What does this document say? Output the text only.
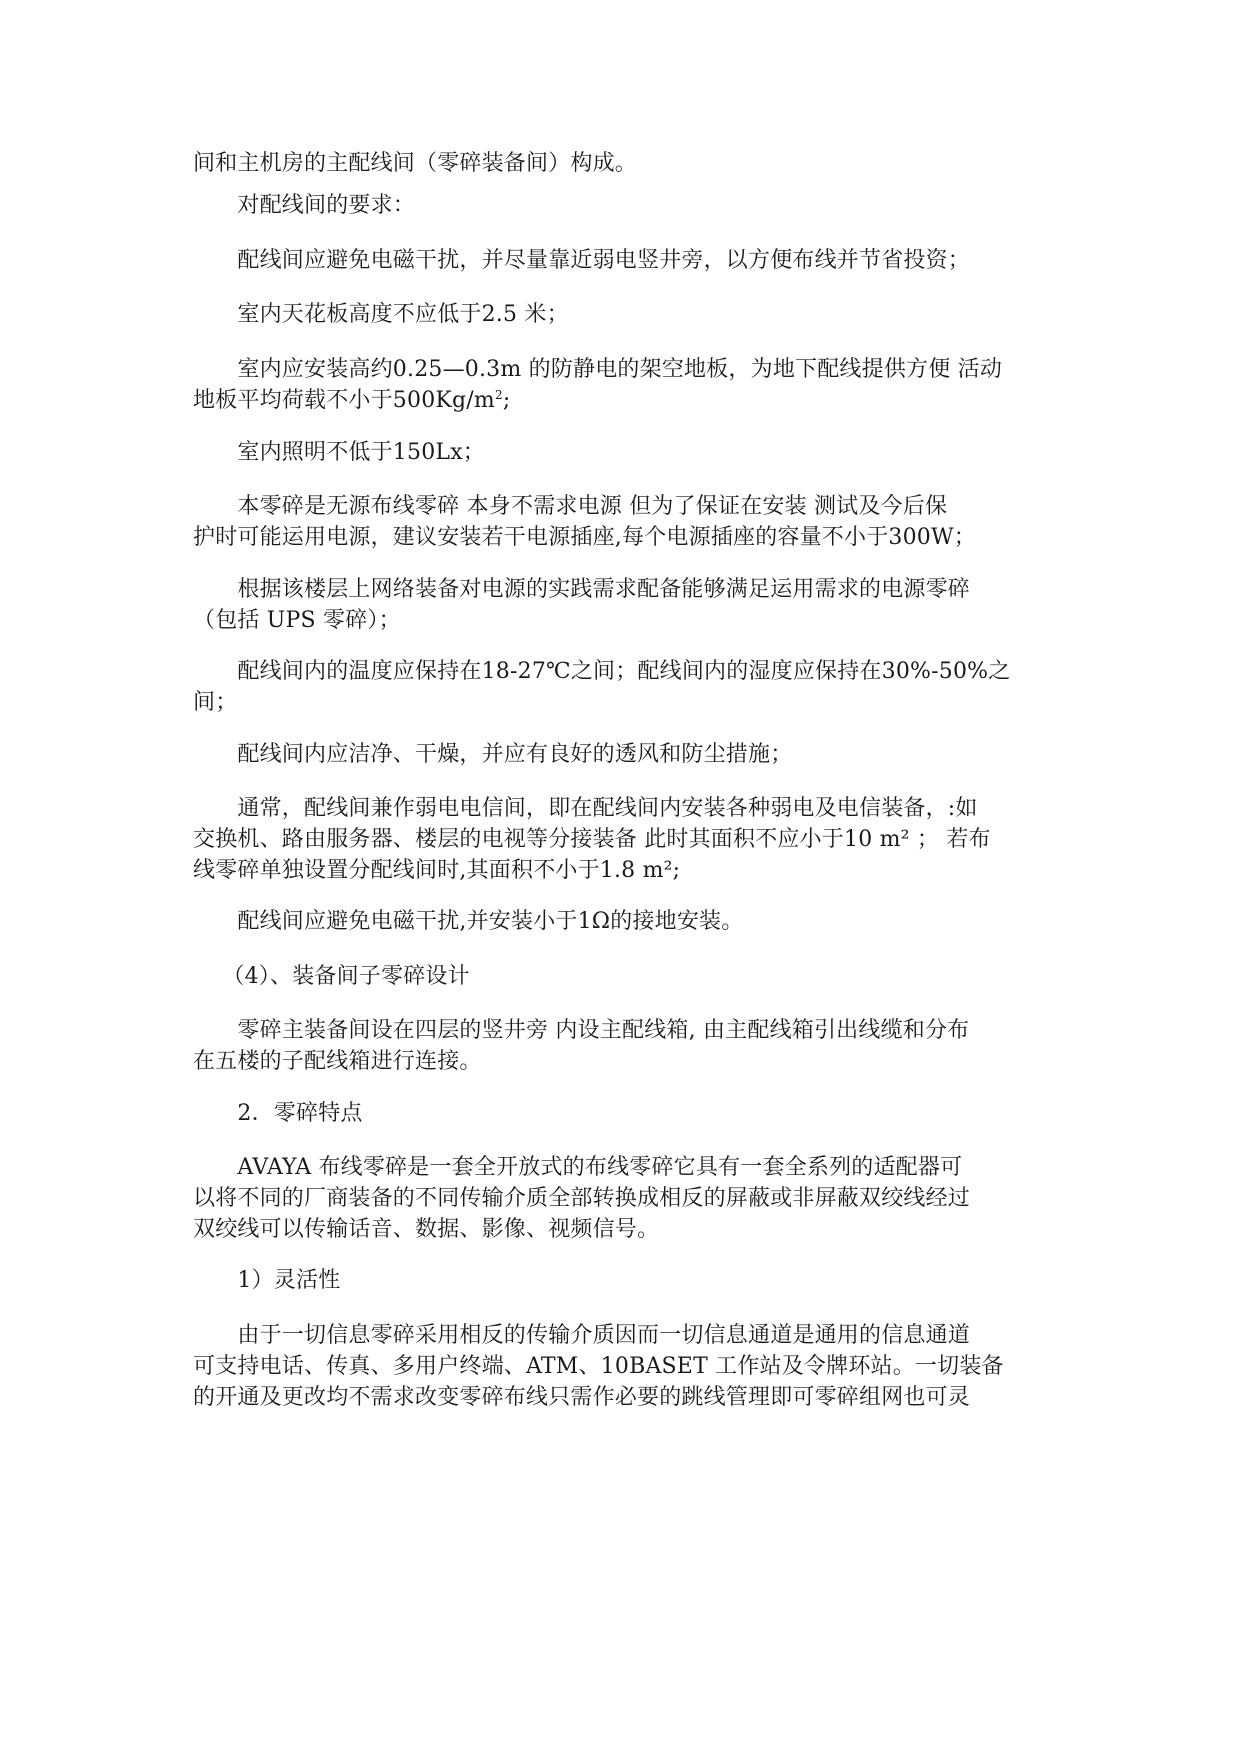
间和主机房的主配线间（零碎装备间）构成。
　　对配线间的要求：
　　配线间应避免电磁干扰，并尽量靠近弱电竖井旁，以方便布线并节省投资；
　　室内天花板高度不应低于2.5 米；
　　室内应安装高约0.25—0.3m 的防静电的架空地板，为地下配线提供方便 活动
地板平均荷载不小于$500Kg/m^2$;
　　室内照明不低于150Lx；
　　本零碎是无源布线零碎 本身不需求电源 但为了保证在安装 测试及今后保
护时可能运用电源，建议安装若干电源插座,每个电源插座的容量不小于300W；
　　根据该楼层上网络装备对电源的实践需求配备能够满足运用需求的电源零碎
（包括 UPS 零碎）；
　　配线间内的温度应保持在18-27℃之间；配线间内的湿度应保持在30%-50%之
间；
　　配线间内应洁净、干燥，并应有良好的透风和防尘措施；
　　通常，配线间兼作弱电电信间，即在配线间内安装各种弱电及电信装备，:如
交换机、路由服务器、楼层的电视等分接装备 此时其面积不应小于10 m² ； 若布
线零碎单独设置分配线间时,其面积不小于1.8 m²;
　　配线间应避免电磁干扰,并安装小于1Ω的接地安装。
　 （4）、装备间子零碎设计
　　零碎主装备间设在四层的竖井旁 内设主配线箱, 由主配线箱引出线缆和分布
在五楼的子配线箱进行连接。
　　2．零碎特点
　　AVAYA 布线零碎是一套全开放式的布线零碎它具有一套全系列的适配器可
以将不同的厂商装备的不同传输介质全部转换成相反的屏蔽或非屏蔽双绞线经过
双绞线可以传输话音、数据、影像、视频信号。
　　1）灵活性
　　由于一切信息零碎采用相反的传输介质因而一切信息通道是通用的信息通道
可支持电话、传真、多用户终端、ATM、10BASET 工作站及令牌环站。一切装备
的开通及更改均不需求改变零碎布线只需作必要的跳线管理即可零碎组网也可灵
